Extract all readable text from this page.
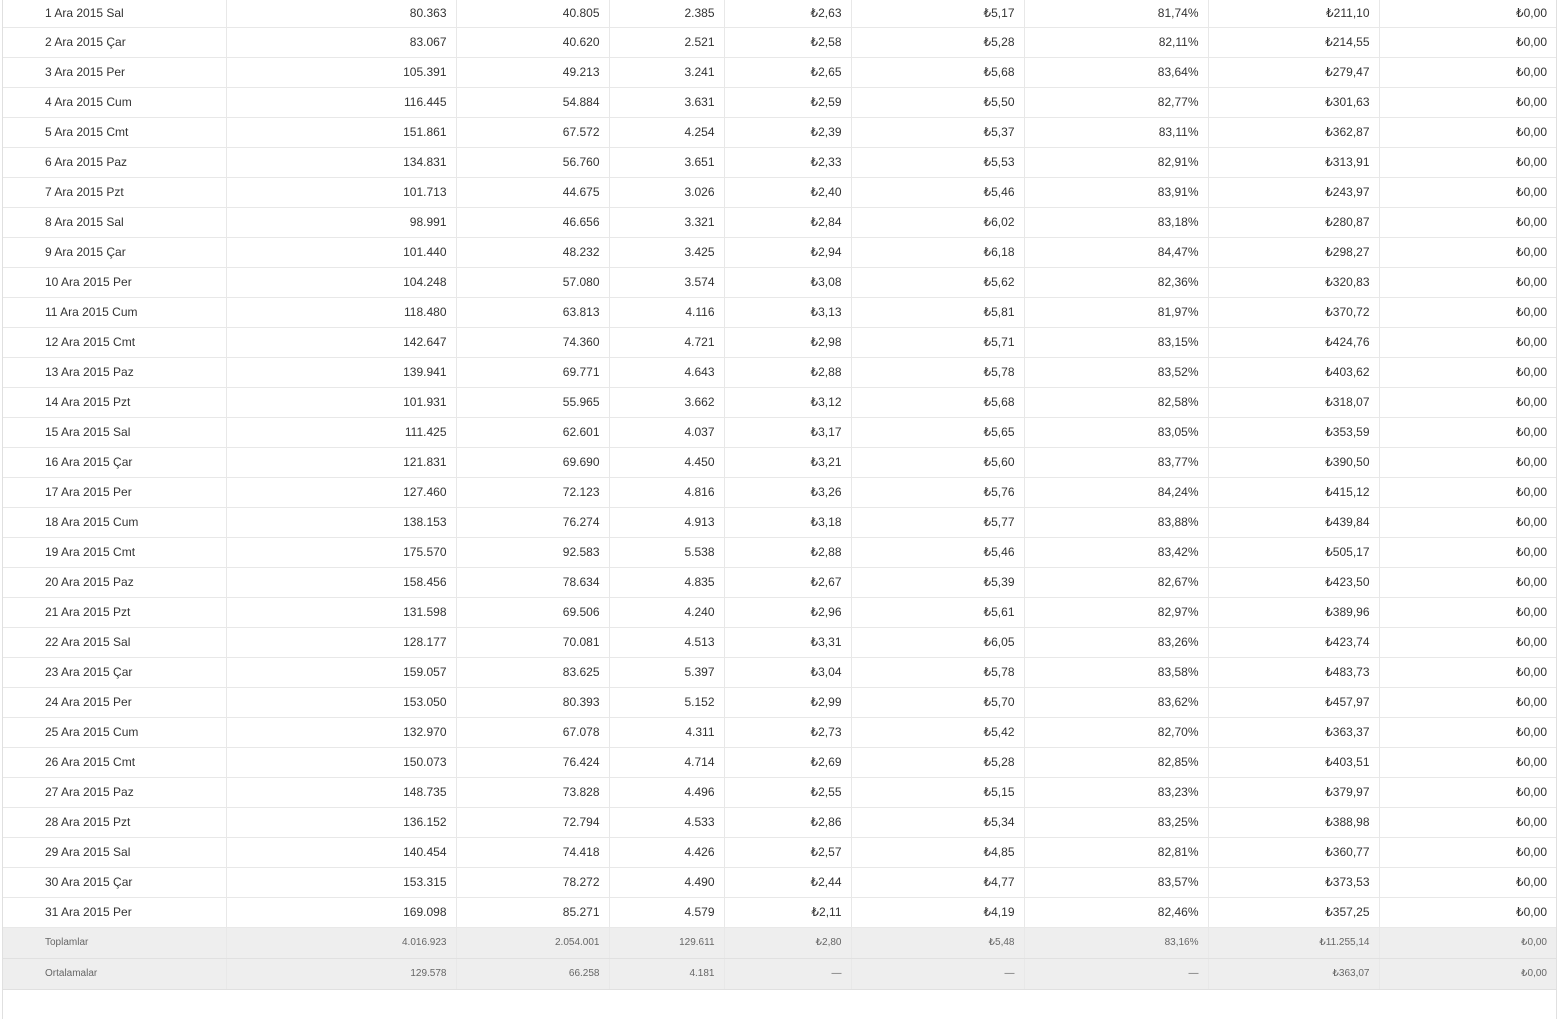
1 Ara 2015 Sal	80.363	40.805	2.385	₺2,63	₺5,17	81,74%	₺211,10	₺0,00
2 Ara 2015 Çar	83.067	40.620	2.521	₺2,58	₺5,28	82,11%	₺214,55	₺0,00
3 Ara 2015 Per	105.391	49.213	3.241	₺2,65	₺5,68	83,64%	₺279,47	₺0,00
4 Ara 2015 Cum	116.445	54.884	3.631	₺2,59	₺5,50	82,77%	₺301,63	₺0,00
5 Ara 2015 Cmt	151.861	67.572	4.254	₺2,39	₺5,37	83,11%	₺362,87	₺0,00
6 Ara 2015 Paz	134.831	56.760	3.651	₺2,33	₺5,53	82,91%	₺313,91	₺0,00
7 Ara 2015 Pzt	101.713	44.675	3.026	₺2,40	₺5,46	83,91%	₺243,97	₺0,00
8 Ara 2015 Sal	98.991	46.656	3.321	₺2,84	₺6,02	83,18%	₺280,87	₺0,00
9 Ara 2015 Çar	101.440	48.232	3.425	₺2,94	₺6,18	84,47%	₺298,27	₺0,00
10 Ara 2015 Per	104.248	57.080	3.574	₺3,08	₺5,62	82,36%	₺320,83	₺0,00
11 Ara 2015 Cum	118.480	63.813	4.116	₺3,13	₺5,81	81,97%	₺370,72	₺0,00
12 Ara 2015 Cmt	142.647	74.360	4.721	₺2,98	₺5,71	83,15%	₺424,76	₺0,00
13 Ara 2015 Paz	139.941	69.771	4.643	₺2,88	₺5,78	83,52%	₺403,62	₺0,00
14 Ara 2015 Pzt	101.931	55.965	3.662	₺3,12	₺5,68	82,58%	₺318,07	₺0,00
15 Ara 2015 Sal	111.425	62.601	4.037	₺3,17	₺5,65	83,05%	₺353,59	₺0,00
16 Ara 2015 Çar	121.831	69.690	4.450	₺3,21	₺5,60	83,77%	₺390,50	₺0,00
17 Ara 2015 Per	127.460	72.123	4.816	₺3,26	₺5,76	84,24%	₺415,12	₺0,00
18 Ara 2015 Cum	138.153	76.274	4.913	₺3,18	₺5,77	83,88%	₺439,84	₺0,00
19 Ara 2015 Cmt	175.570	92.583	5.538	₺2,88	₺5,46	83,42%	₺505,17	₺0,00
20 Ara 2015 Paz	158.456	78.634	4.835	₺2,67	₺5,39	82,67%	₺423,50	₺0,00
21 Ara 2015 Pzt	131.598	69.506	4.240	₺2,96	₺5,61	82,97%	₺389,96	₺0,00
22 Ara 2015 Sal	128.177	70.081	4.513	₺3,31	₺6,05	83,26%	₺423,74	₺0,00
23 Ara 2015 Çar	159.057	83.625	5.397	₺3,04	₺5,78	83,58%	₺483,73	₺0,00
24 Ara 2015 Per	153.050	80.393	5.152	₺2,99	₺5,70	83,62%	₺457,97	₺0,00
25 Ara 2015 Cum	132.970	67.078	4.311	₺2,73	₺5,42	82,70%	₺363,37	₺0,00
26 Ara 2015 Cmt	150.073	76.424	4.714	₺2,69	₺5,28	82,85%	₺403,51	₺0,00
27 Ara 2015 Paz	148.735	73.828	4.496	₺2,55	₺5,15	83,23%	₺379,97	₺0,00
28 Ara 2015 Pzt	136.152	72.794	4.533	₺2,86	₺5,34	83,25%	₺388,98	₺0,00
29 Ara 2015 Sal	140.454	74.418	4.426	₺2,57	₺4,85	82,81%	₺360,77	₺0,00
30 Ara 2015 Çar	153.315	78.272	4.490	₺2,44	₺4,77	83,57%	₺373,53	₺0,00
31 Ara 2015 Per	169.098	85.271	4.579	₺2,11	₺4,19	82,46%	₺357,25	₺0,00
Toplamlar	4.016.923	2.054.001	129.611	₺2,80	₺5,48	83,16%	₺11.255,14	₺0,00
Ortalamalar	129.578	66.258	4.181	—	—	—	₺363,07	₺0,00
